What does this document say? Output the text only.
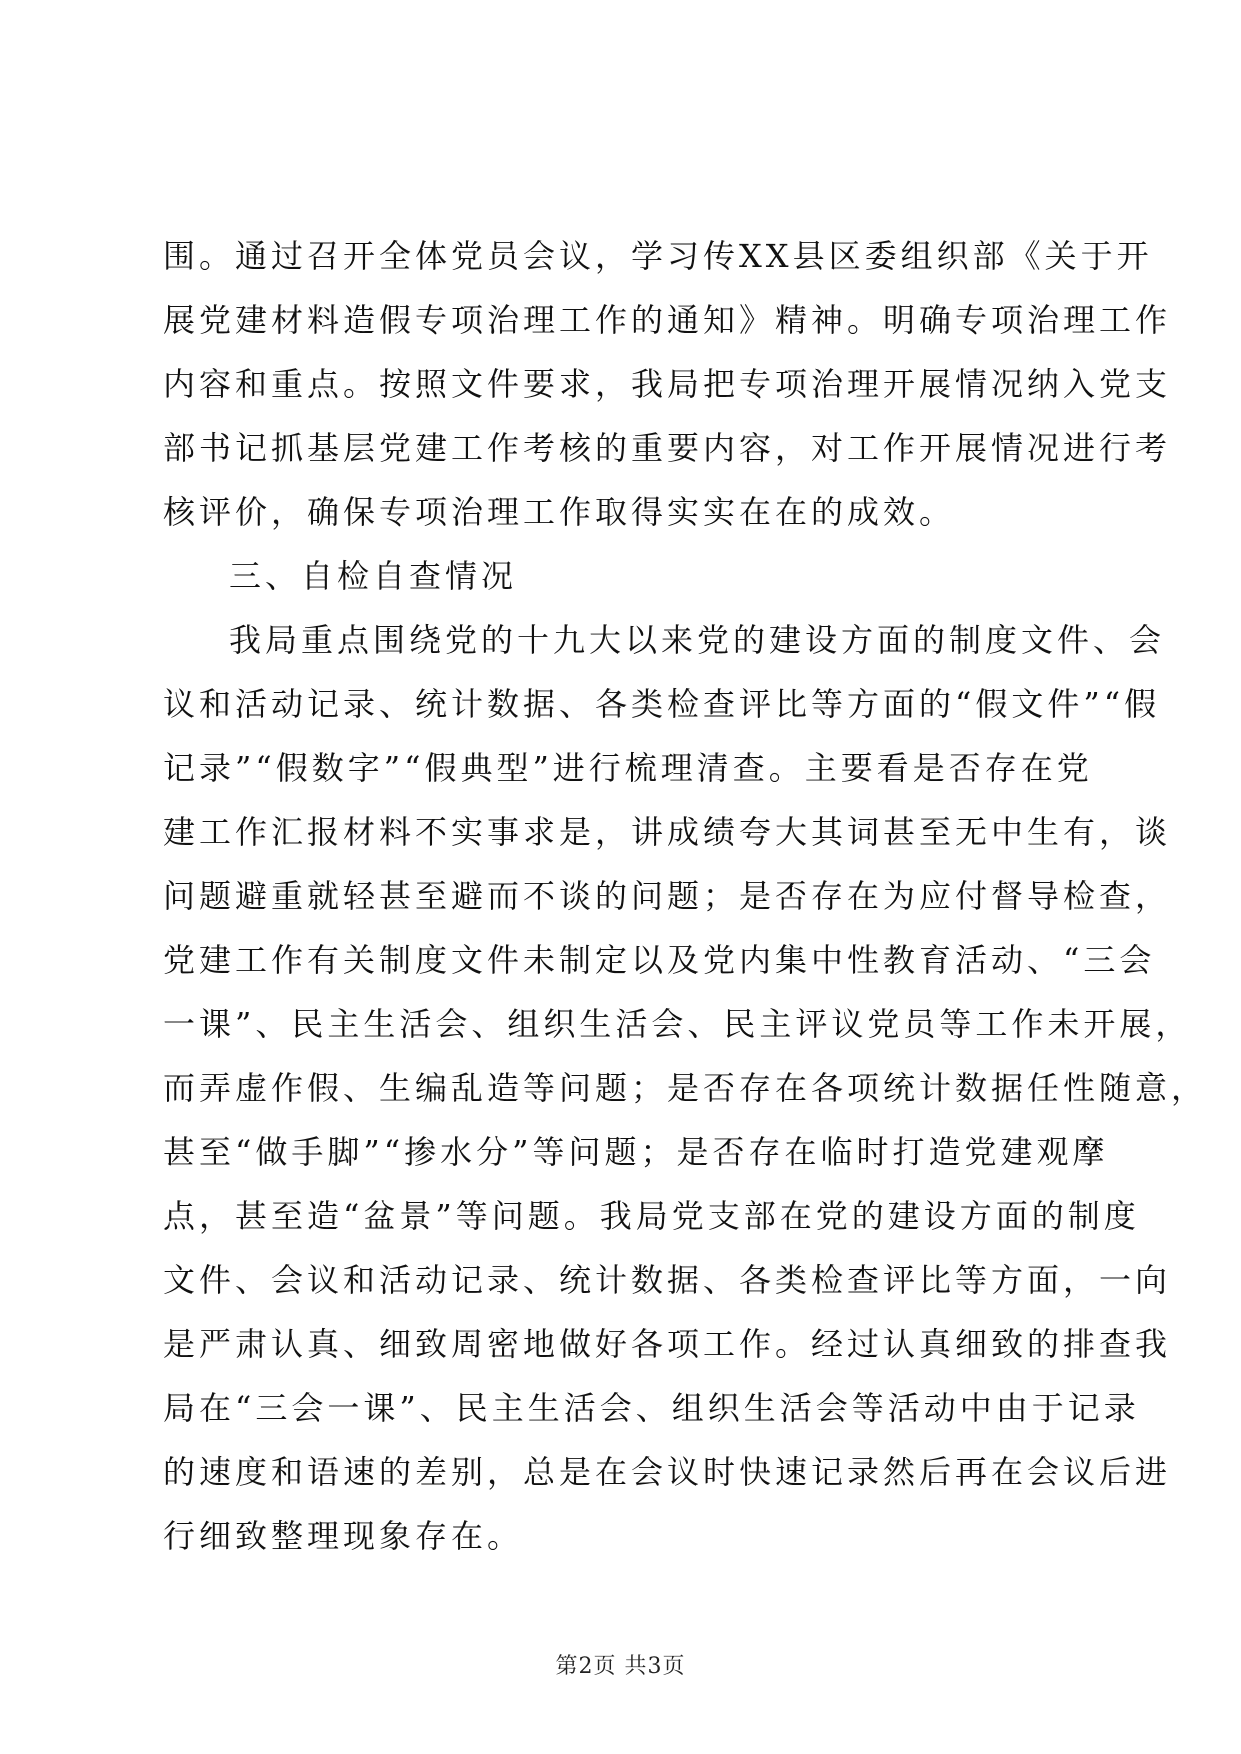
围。通过召开全体党员会议，学习传XX县区委组织部《关于开
展党建材料造假专项治理工作的通知》精神。明确专项治理工作
内容和重点。按照文件要求，我局把专项治理开展情况纳入党支
部书记抓基层党建工作考核的重要内容，对工作开展情况进行考
核评价，确保专项治理工作取得实实在在的成效。
三、自检自查情况
我局重点围绕党的十九大以来党的建设方面的制度文件、会
议和活动记录、统计数据、各类检查评比等方面的“假文件”“假
记录”“假数字”“假典型”进行梳理清查。主要看是否存在党
建工作汇报材料不实事求是，讲成绩夸大其词甚至无中生有，谈
问题避重就轻甚至避而不谈的问题；是否存在为应付督导检查，
党建工作有关制度文件未制定以及党内集中性教育活动、“三会
一课”、民主生活会、组织生活会、民主评议党员等工作未开展，
而弄虚作假、生编乱造等问题；是否存在各项统计数据任性随意，
甚至“做手脚”“掺水分”等问题；是否存在临时打造党建观摩
点，甚至造“盆景”等问题。我局党支部在党的建设方面的制度
文件、会议和活动记录、统计数据、各类检查评比等方面，一向
是严肃认真、细致周密地做好各项工作。经过认真细致的排查我
局在“三会一课”、民主生活会、组织生活会等活动中由于记录
的速度和语速的差别，总是在会议时快速记录然后再在会议后进
行细致整理现象存在。
第2页 共3页
